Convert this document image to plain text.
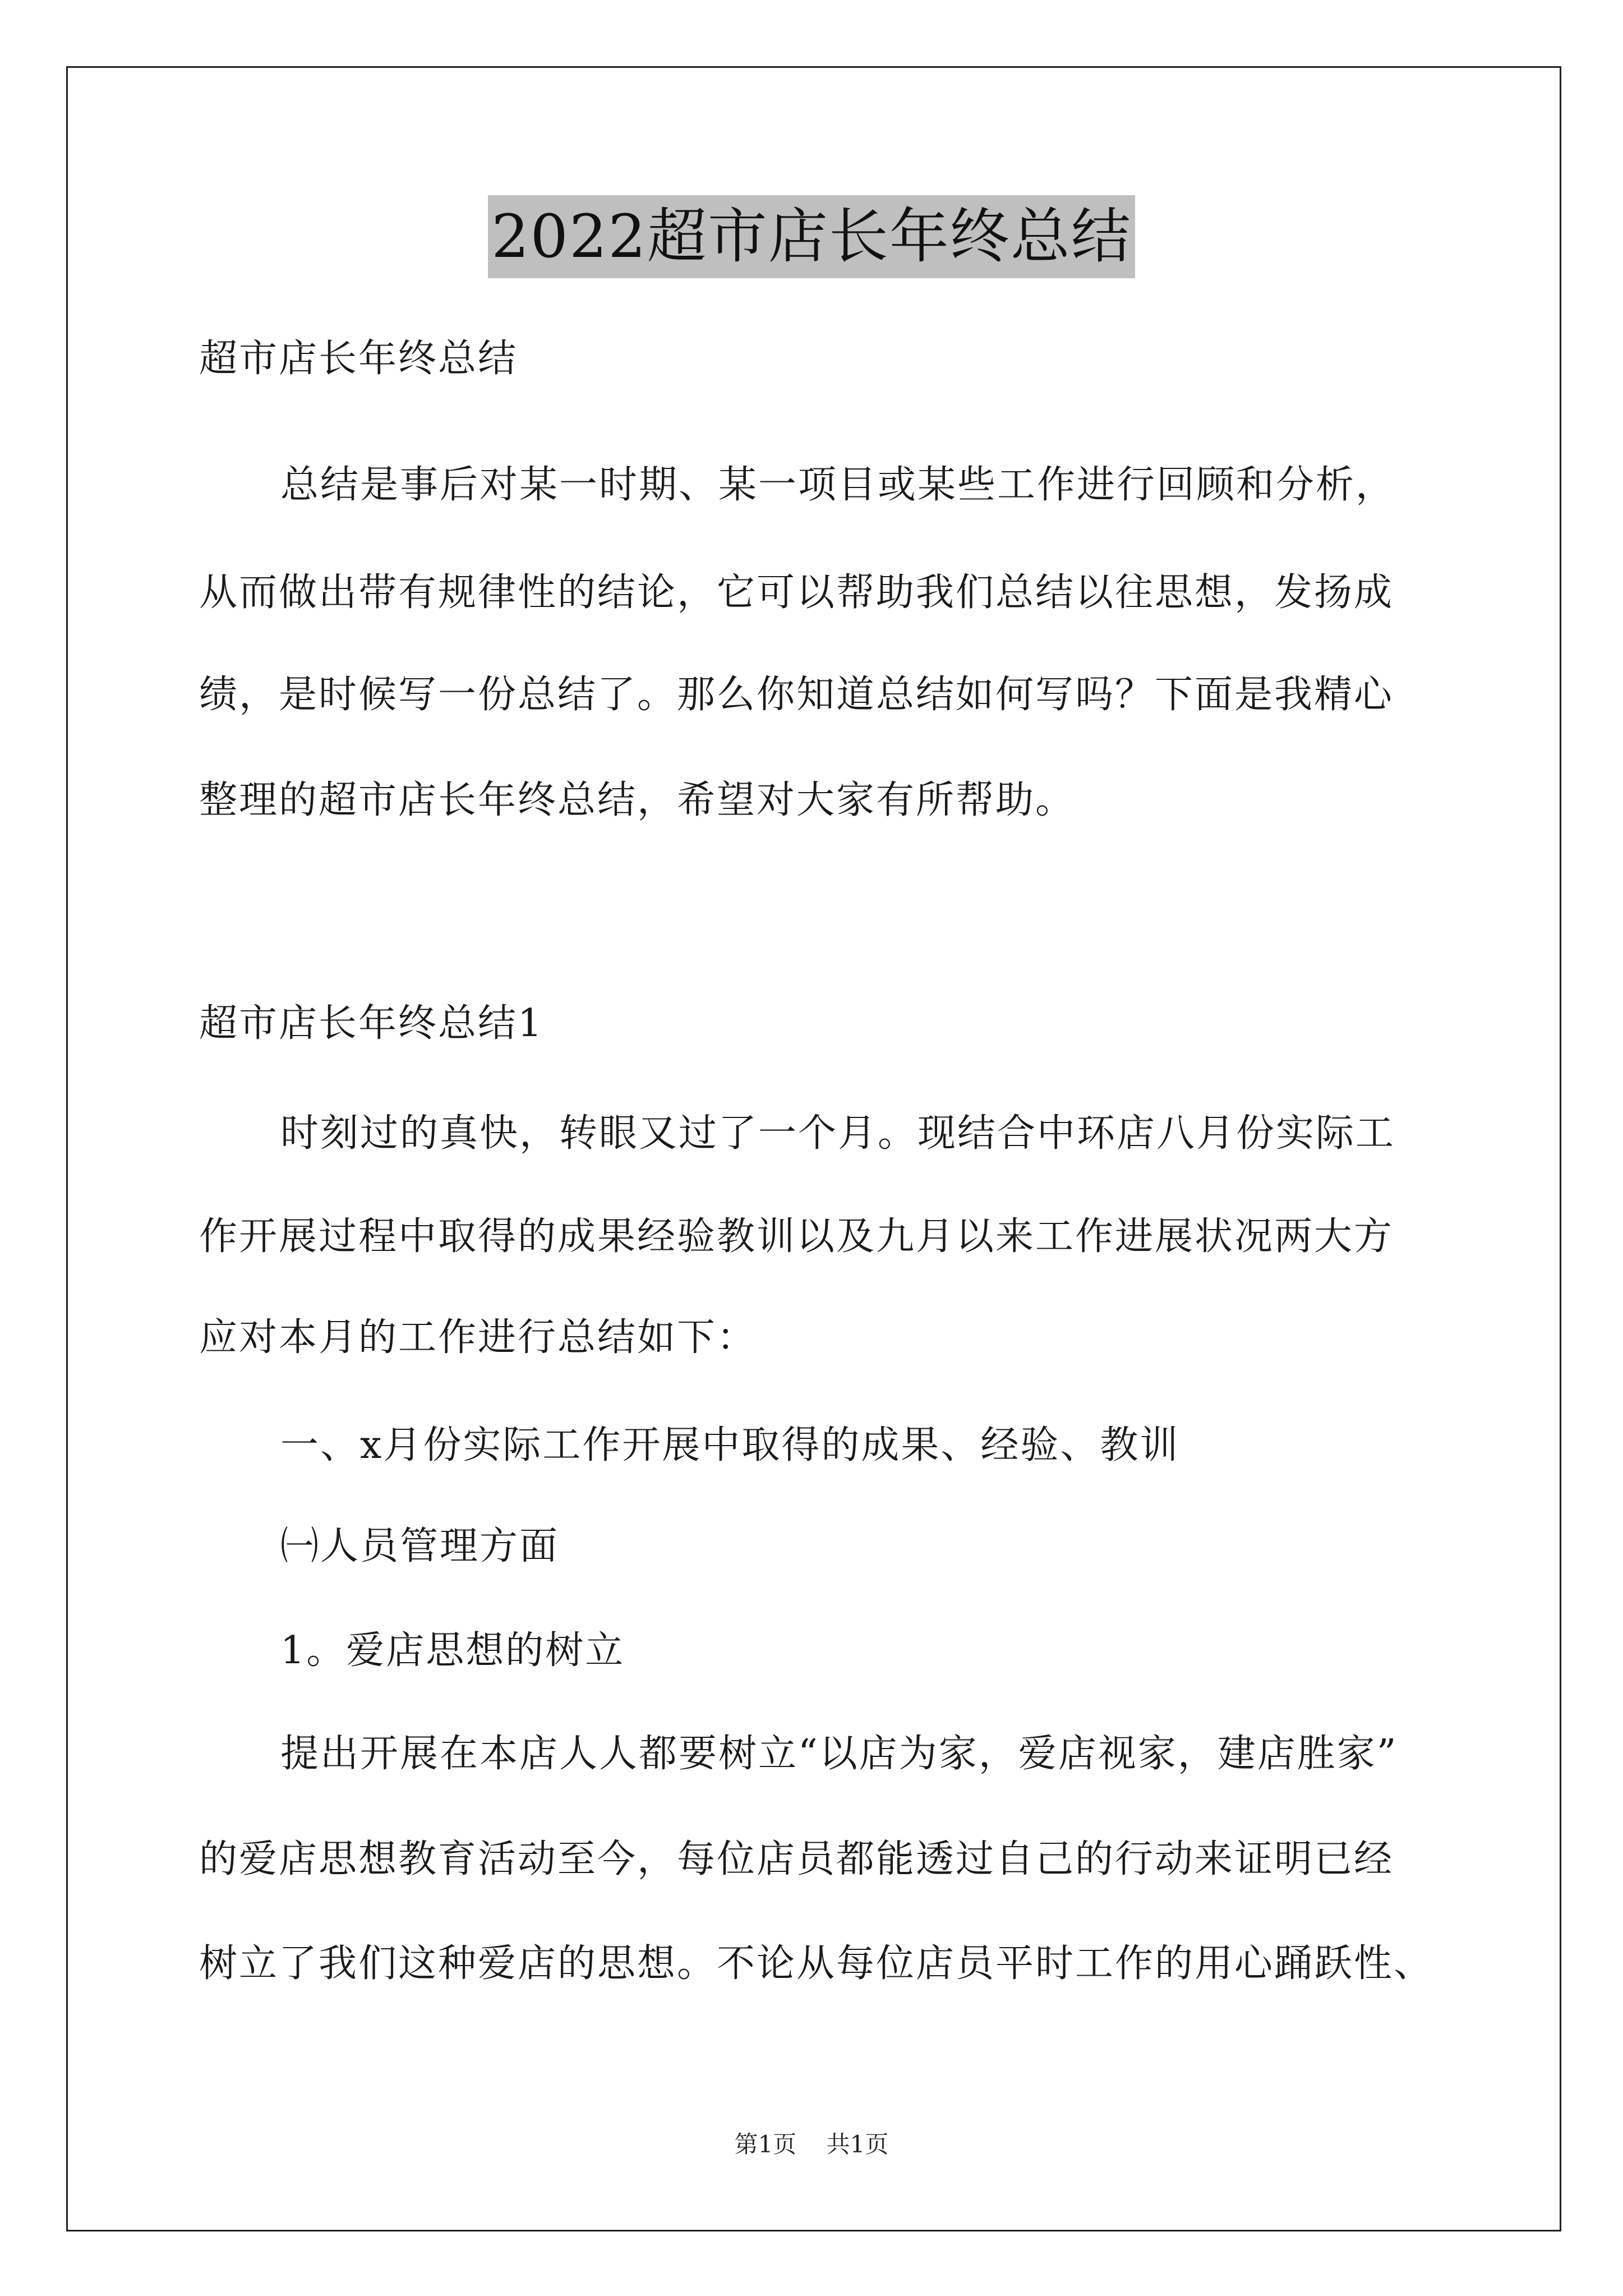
2022超市店长年终总结
超市店长年终总结
总结是事后对某一时期、某一项目或某些工作进行回顾和分析，
从而做出带有规律性的结论，它可以帮助我们总结以往思想，发扬成
绩，是时候写一份总结了。那么你知道总结如何写吗？下面是我精心
整理的超市店长年终总结，希望对大家有所帮助。
超市店长年终总结1
时刻过的真快，转眼又过了一个月。现结合中环店八月份实际工
作开展过程中取得的成果经验教训以及九月以来工作进展状况两大方
应对本月的工作进行总结如下：
一、x月份实际工作开展中取得的成果、经验、教训
㈠人员管理方面
1。爱店思想的树立
提出开展在本店人人都要树立“以店为家，爱店视家，建店胜家”
的爱店思想教育活动至今，每位店员都能透过自己的行动来证明已经
树立了我们这种爱店的思想。不论从每位店员平时工作的用心踊跃性、
第1页 共1页
